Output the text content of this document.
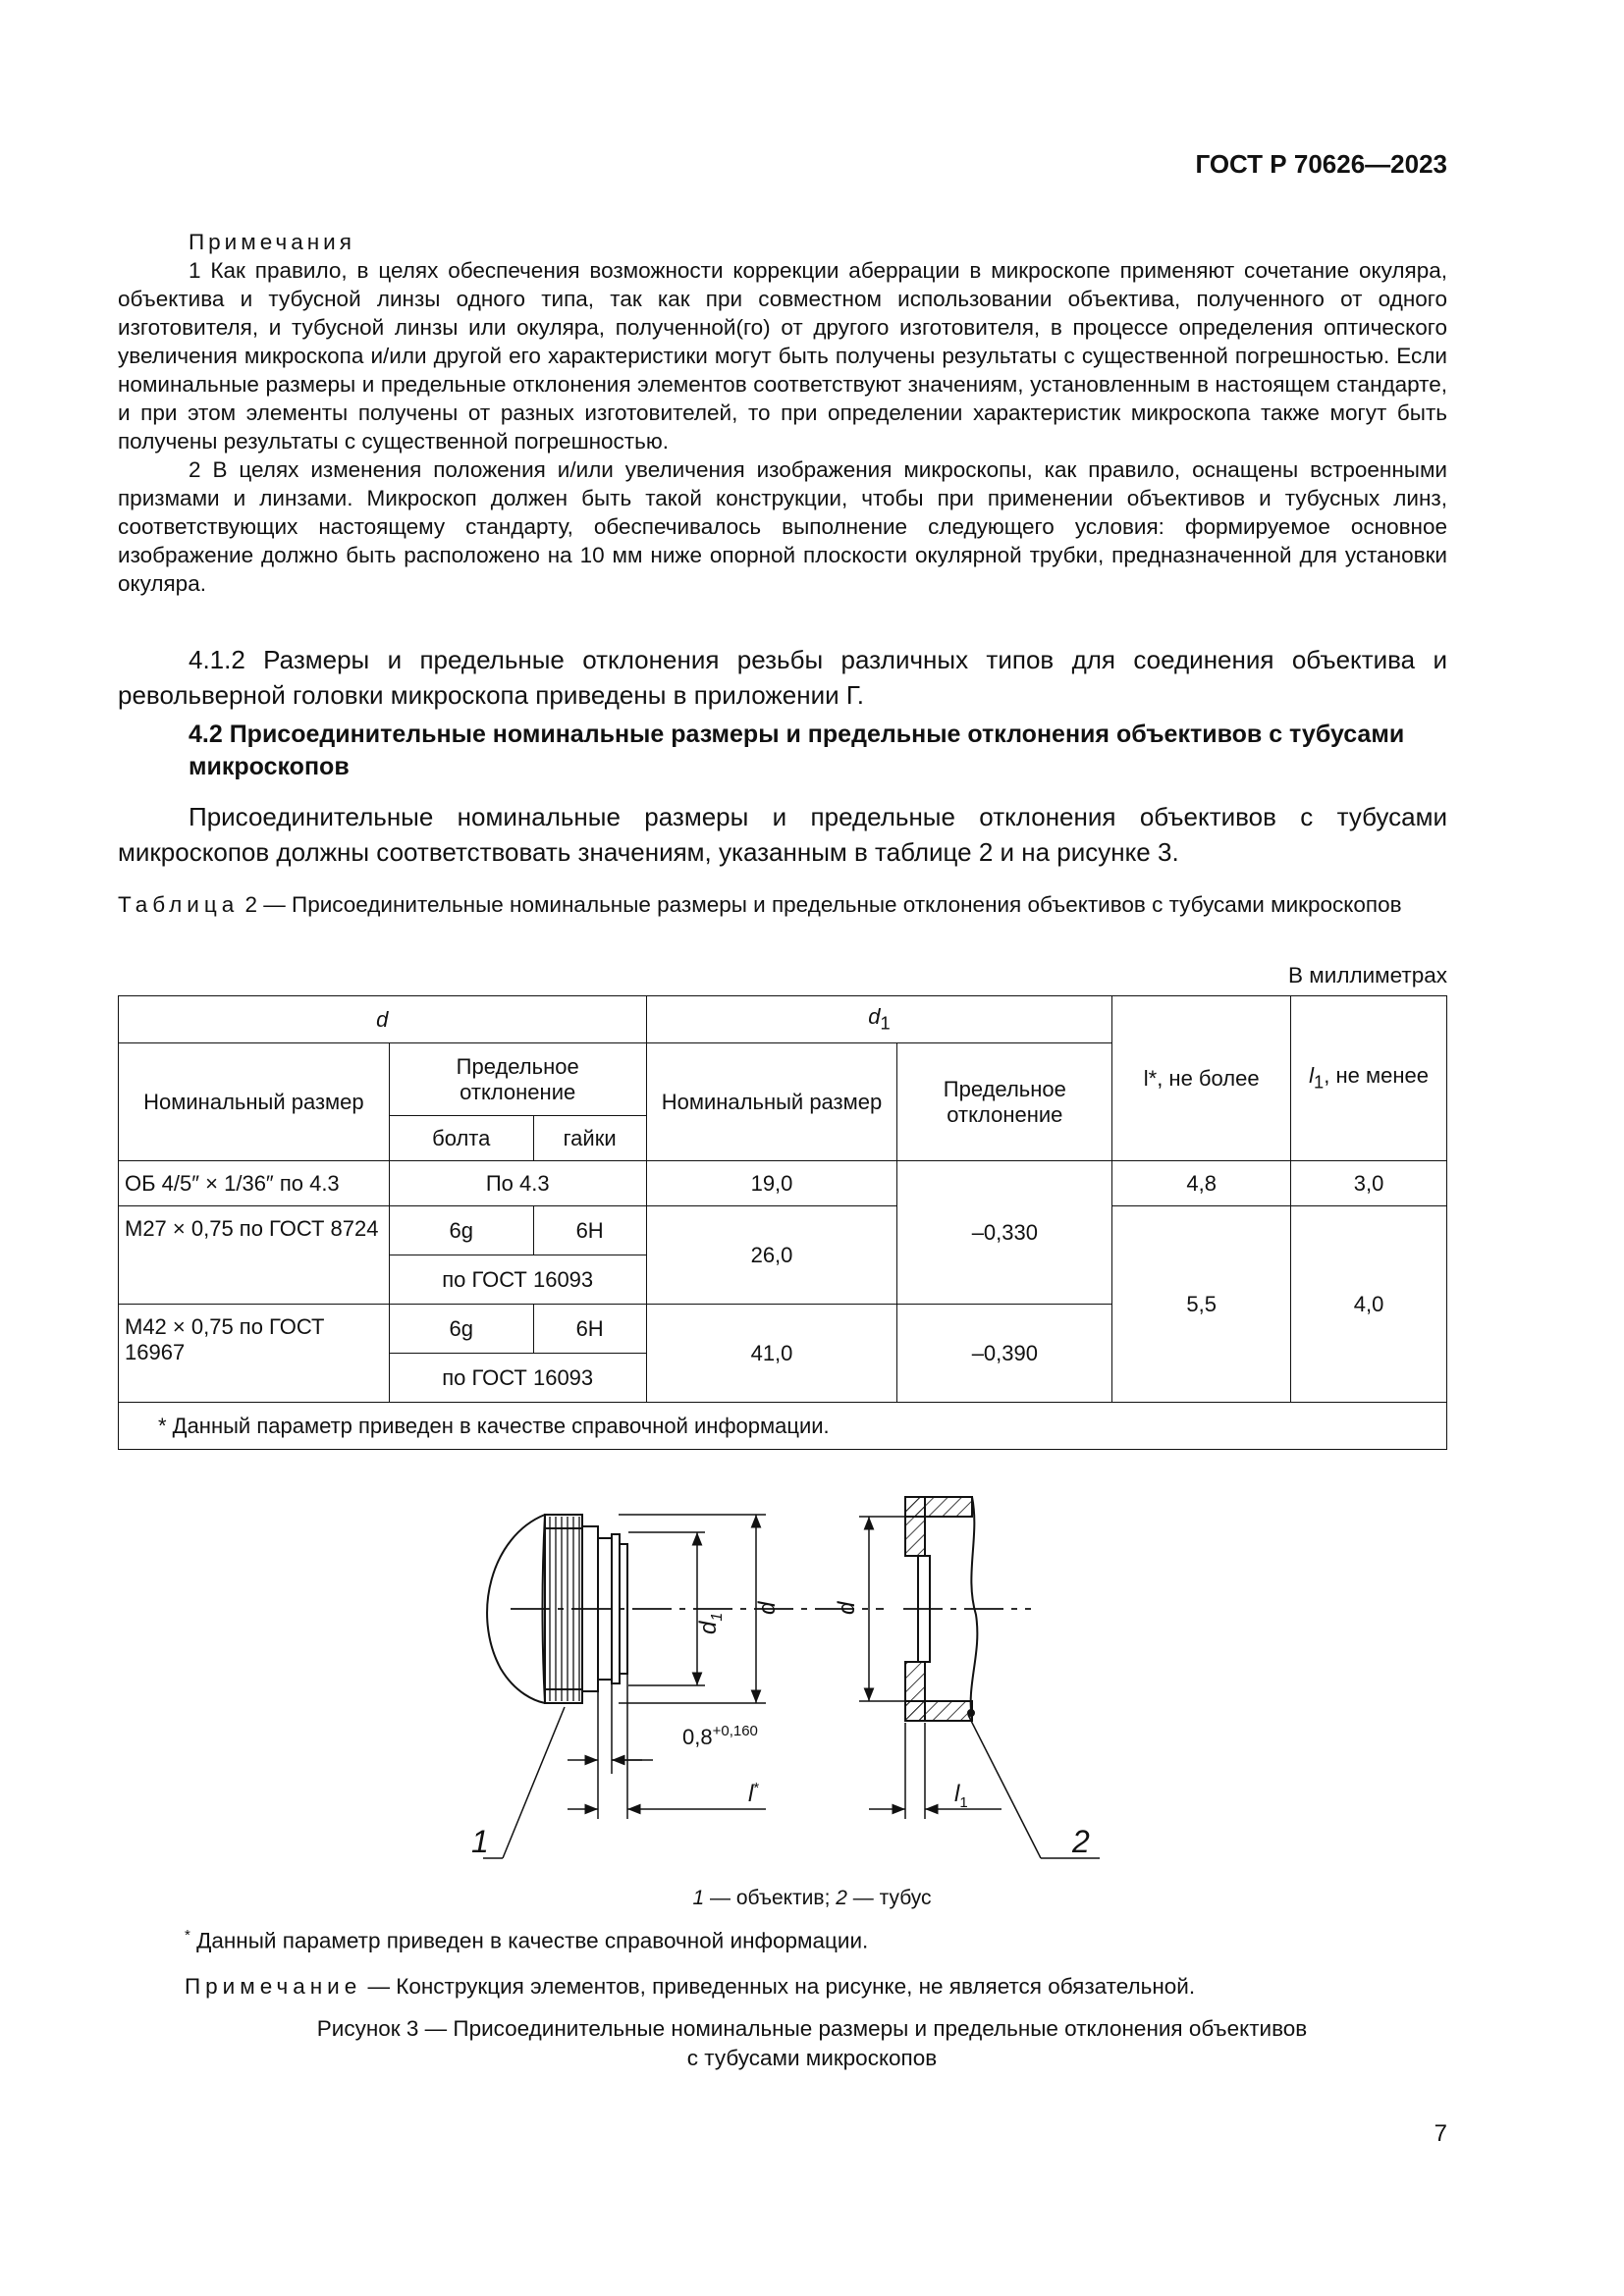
ГОСТ Р 70626—2023

Примечания

1 Как правило, в целях обеспечения возможности коррекции аберрации в микроскопе применяют сочетание окуляра, объектива и тубусной линзы одного типа, так как при совместном использовании объектива, полученного от одного изготовителя, и тубусной линзы или окуляра, полученной(го) от другого изготовителя, в процессе определения оптического увеличения микроскопа и/или другой его характеристики могут быть получены результаты с существенной погрешностью. Если номинальные размеры и предельные отклонения элементов соответствуют значениям, установленным в настоящем стандарте, и при этом элементы получены от разных изготовителей, то при определении характеристик микроскопа также могут быть получены результаты с существенной погрешностью.

2 В целях изменения положения и/или увеличения изображения микроскопы, как правило, оснащены встроенными призмами и линзами. Микроскоп должен быть такой конструкции, чтобы при применении объективов и тубусных линз, соответствующих настоящему стандарту, обеспечивалось выполнение следующего условия: формируемое основное изображение должно быть расположено на 10 мм ниже опорной плоскости окулярной трубки, предназначенной для установки окуляра.

4.1.2 Размеры и предельные отклонения резьбы различных типов для соединения объектива и револьверной головки микроскопа приведены в приложении Г.

4.2 Присоединительные номинальные размеры и предельные отклонения объективов с тубусами микроскопов

Присоединительные номинальные размеры и предельные отклонения объективов с тубусами микроскопов должны соответствовать значениям, указанным в таблице 2 и на рисунке 3.

Таблица 2 — Присоединительные номинальные размеры и предельные отклонения объективов с тубусами микроскопов
В миллиметрах
d			$d_1$		l*, не более	$l_1$, не менее
Номинальный размер	Предельное отклонение		Номинальный размер	Предельное отклонение		
	болта	гайки				
ОБ 4/5″ × 1/36″ по 4.3	По 4.3		19,0	–0,330	4,8	3,0
М27 × 0,75 по ГОСТ 8724	6g	6H	26,0		5,5	4,0
	по ГОСТ 16093					
М42 × 0,75 по ГОСТ 16967	6g	6H	41,0	–0,390		
	по ГОСТ 16093					
* Данный параметр приведен в качестве справочной информации.						
$d_1$
d d
$0,8^{+0,160}$
l*	$l_1$
1	2
1 — объектив; 2 — тубус
* Данный параметр приведен в качестве справочной информации.
Примечание — Конструкция элементов, приведенных на рисунке, не является обязательной.
Рисунок 3 — Присоединительные номинальные размеры и предельные отклонения объективов
с тубусами микроскопов
7
